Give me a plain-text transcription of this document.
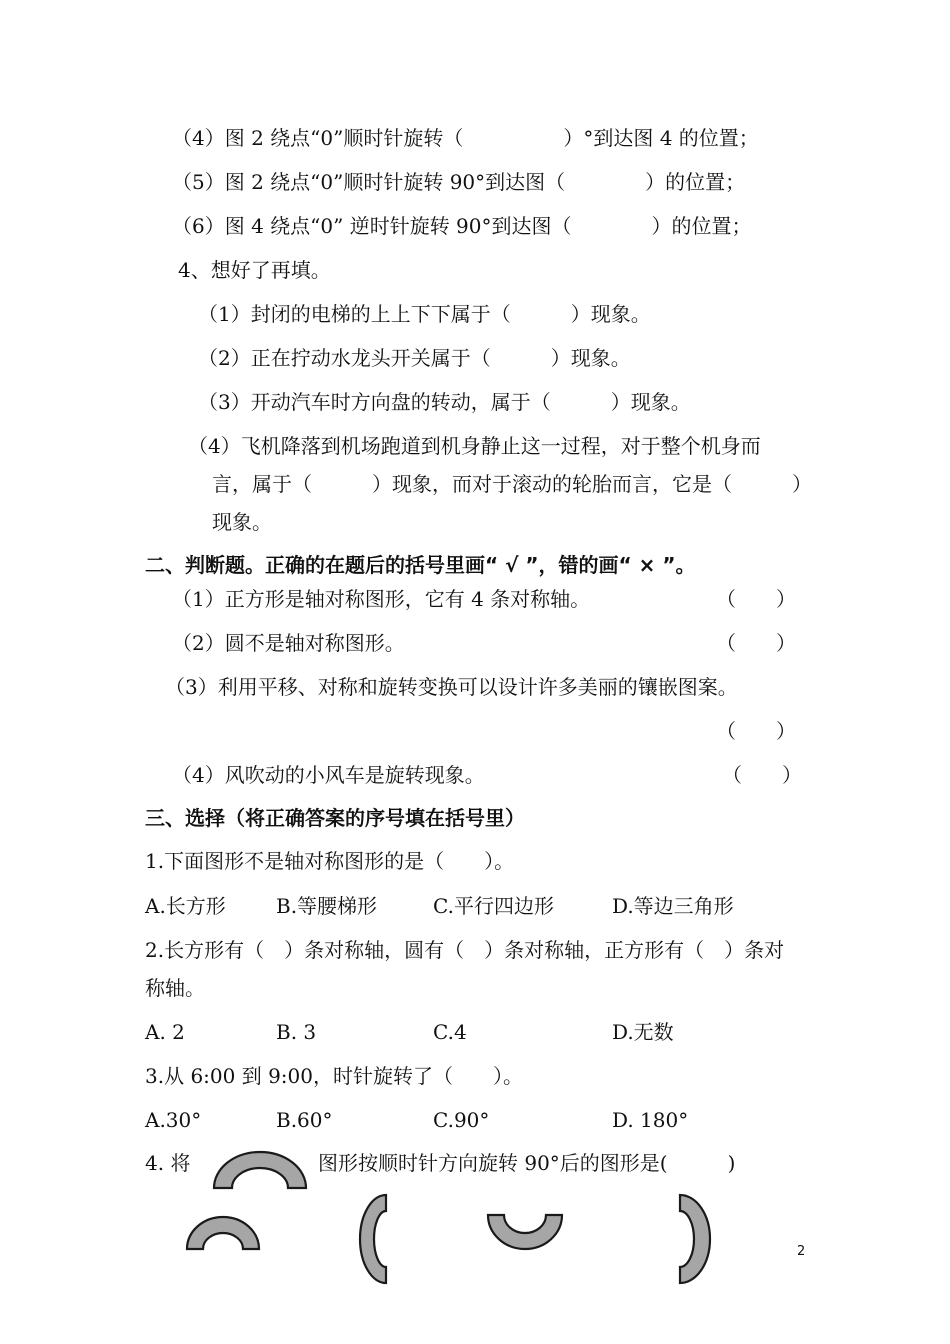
（4）图 2 绕点“0”顺时针旋转（　　　　　）°到达图 4 的位置；
（5）图 2 绕点“0”顺时针旋转 90°到达图（　　　　）的位置；
（6）图 4 绕点“0” 逆时针旋转 90°到达图（　　　　）的位置；
4、想好了再填。
（1）封闭的电梯的上上下下属于（　　　）现象。
（2）正在拧动水龙头开关属于（　　　）现象。
（3）开动汽车时方向盘的转动，属于（　　　）现象。
（4）飞机降落到机场跑道到机身静止这一过程，对于整个机身而
言，属于（　　　）现象，而对于滚动的轮胎而言，它是（　　　）
现象。
二、判断题。正确的在题后的括号里画“ √ ”，错的画“ × ”。
（1）正方形是轴对称图形，它有 4 条对称轴。	（　　）
（2）圆不是轴对称图形。	（　　）
（3）利用平移、对称和旋转变换可以设计许多美丽的镶嵌图案。
（　　）
（4）风吹动的小风车是旋转现象。	（　　）
三、选择（将正确答案的序号填在括号里）
1.下面图形不是轴对称图形的是（　　）。
A.长方形	B.等腰梯形	C.平行四边形	D.等边三角形
2.长方形有（　）条对称轴，圆有（　）条对称轴，正方形有（　）条对
称轴。
A. 2	B. 3	C.4	D.无数
3.从 6:00 到 9:00，时针旋转了（　　）。
A.30°	B.60°	C.90°	D. 180°
4. 将	图形按顺时针方向旋转 90°后的图形是(　　　)
2
